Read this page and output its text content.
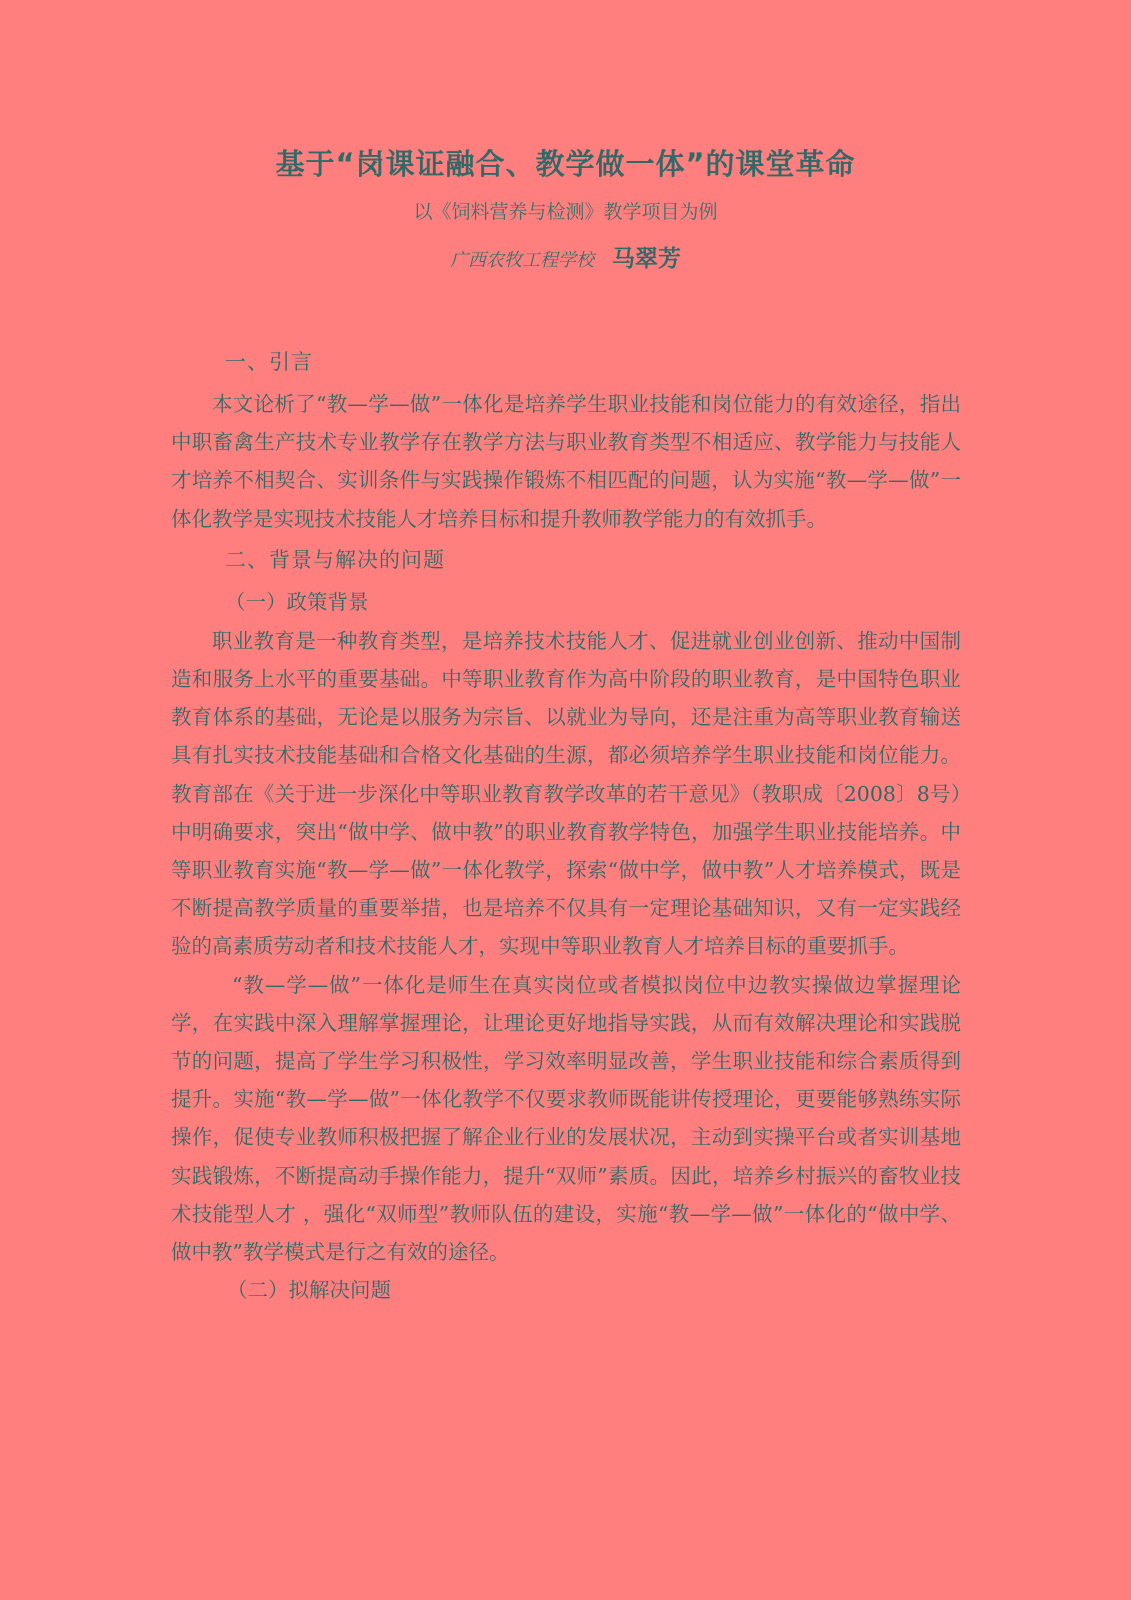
基于“岗课证融合、教学做一体”的课堂革命
以《饲料营养与检测》教学项目为例
广西农牧工程学校 马翠芳

一、引言

本文论析了“教—学—做”一体化是培养学生职业技能和岗位能力的有效途径，指出中职畜禽生产技术专业教学存在教学方法与职业教育类型不相适应、教学能力与技能人才培养不相契合、实训条件与实践操作锻炼不相匹配的问题，认为实施“教—学—做”一体化教学是实现技术技能人才培养目标和提升教师教学能力的有效抓手。

二、背景与解决的问题

（一）政策背景

职业教育是一种教育类型，是培养技术技能人才、促进就业创业创新、推动中国制造和服务上水平的重要基础。中等职业教育作为高中阶段的职业教育，是中国特色职业教育体系的基础，无论是以服务为宗旨、以就业为导向，还是注重为高等职业教育输送具有扎实技术技能基础和合格文化基础的生源，都必须培养学生职业技能和岗位能力。教育部在《关于进一步深化中等职业教育教学改革的若干意见》（教职成〔2008〕8号）中明确要求，突出“做中学、做中教”的职业教育教学特色，加强学生职业技能培养。中等职业教育实施“教—学—做”一体化教学，探索“做中学，做中教”人才培养模式，既是不断提高教学质量的重要举措，也是培养不仅具有一定理论基础知识，又有一定实践经验的高素质劳动者和技术技能人才，实现中等职业教育人才培养目标的重要抓手。

“教—学—做”一体化是师生在真实岗位或者模拟岗位中边教实操做边掌握理论学，在实践中深入理解掌握理论，让理论更好地指导实践，从而有效解决理论和实践脱节的问题，提高了学生学习积极性，学习效率明显改善，学生职业技能和综合素质得到提升。实施“教—学—做”一体化教学不仅要求教师既能讲传授理论，更要能够熟练实际操作，促使专业教师积极把握了解企业行业的发展状况，主动到实操平台或者实训基地实践锻炼，不断提高动手操作能力，提升“双师”素质。因此，培养乡村振兴的畜牧业技术技能型人才 ，强化“双师型”教师队伍的建设，实施“教—学—做”一体化的“做中学、做中教”教学模式是行之有效的途径。

（二）拟解决问题
